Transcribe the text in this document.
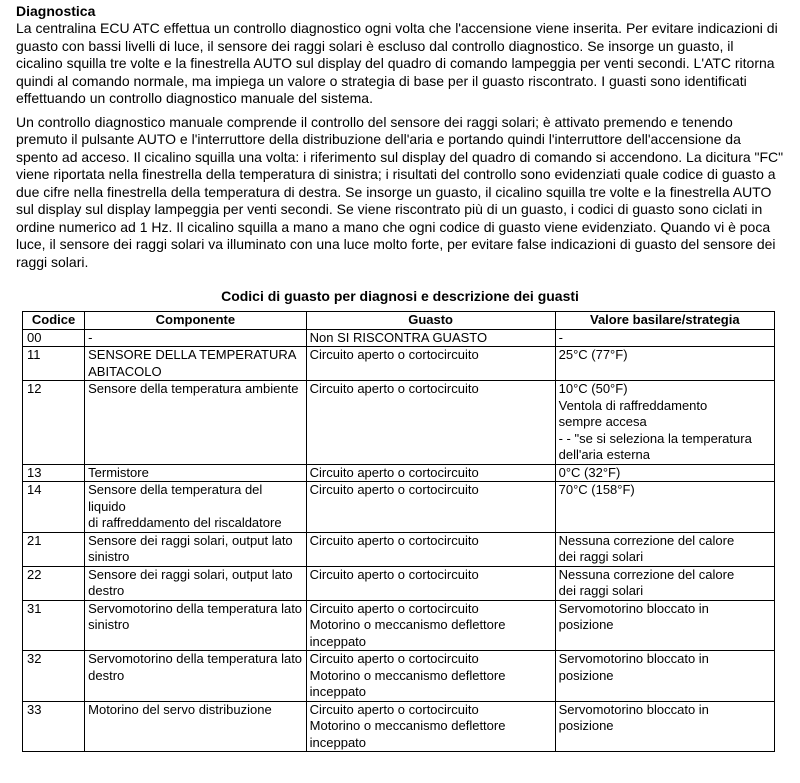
Diagnostica

La centralina ECU ATC effettua un controllo diagnostico ogni volta che l'accensione viene inserita. Per evitare indicazioni di guasto con bassi livelli di luce, il sensore dei raggi solari è escluso dal controllo diagnostico. Se insorge un guasto, il cicalino squilla tre volte e la finestrella AUTO sul display del quadro di comando lampeggia per venti secondi. L'ATC ritorna quindi al comando normale, ma impiega un valore o strategia di base per il guasto riscontrato. I guasti sono identificati effettuando un controllo diagnostico manuale del sistema.

Un controllo diagnostico manuale comprende il controllo del sensore dei raggi solari; è attivato premendo e tenendo premuto il pulsante AUTO e l'interruttore della distribuzione dell'aria e portando quindi l'interruttore dell'accensione da spento ad acceso. Il cicalino squilla una volta: i riferimento sul display del quadro di comando si accendono. La dicitura "FC" viene riportata nella finestrella della temperatura di sinistra; i risultati del controllo sono evidenziati quale codice di guasto a due cifre nella finestrella della temperatura di destra. Se insorge un guasto, il cicalino squilla tre volte e la finestrella AUTO sul display sul display lampeggia per venti secondi. Se viene riscontrato più di un guasto, i codici di guasto sono ciclati in ordine numerico ad 1 Hz. Il cicalino squilla a mano a mano che ogni codice di guasto viene evidenziato. Quando vi è poca luce, il sensore dei raggi solari va illuminato con una luce molto forte, per evitare false indicazioni di guasto del sensore dei raggi solari.

Codici di guasto per diagnosi e descrizione dei guasti
Codice	Componente	Guasto	Valore basilare/strategia
00	-	Non SI RISCONTRA GUASTO	-

11	SENSORE DELLA TEMPERATURA
ABITACOLO	Circuito aperto o cortocircuito	25°C (77°F)

12	Sensore della temperatura ambiente	Circuito aperto o cortocircuito	10°C (50°F)
Ventola di raffreddamento
sempre accesa
- - "se si seleziona la temperatura
dell'aria esterna

13	Termistore	Circuito aperto o cortocircuito	0°C (32°F)

14	Sensore della temperatura del liquido
di raffreddamento del riscaldatore	Circuito aperto o cortocircuito	70°C (158°F)

21	Sensore dei raggi solari, output lato
sinistro	Circuito aperto o cortocircuito	Nessuna correzione del calore
dei raggi solari

22	Sensore dei raggi solari, output lato
destro	Circuito aperto o cortocircuito	Nessuna correzione del calore
dei raggi solari

31	Servomotorino della temperatura lato
sinistro	Circuito aperto o cortocircuito
Motorino o meccanismo deflettore
inceppato	Servomotorino bloccato in
posizione

32	Servomotorino della temperatura lato
destro	Circuito aperto o cortocircuito
Motorino o meccanismo deflettore
inceppato	Servomotorino bloccato in
posizione

33	Motorino del servo distribuzione	Circuito aperto o cortocircuito
Motorino o meccanismo deflettore
inceppato	Servomotorino bloccato in
posizione
